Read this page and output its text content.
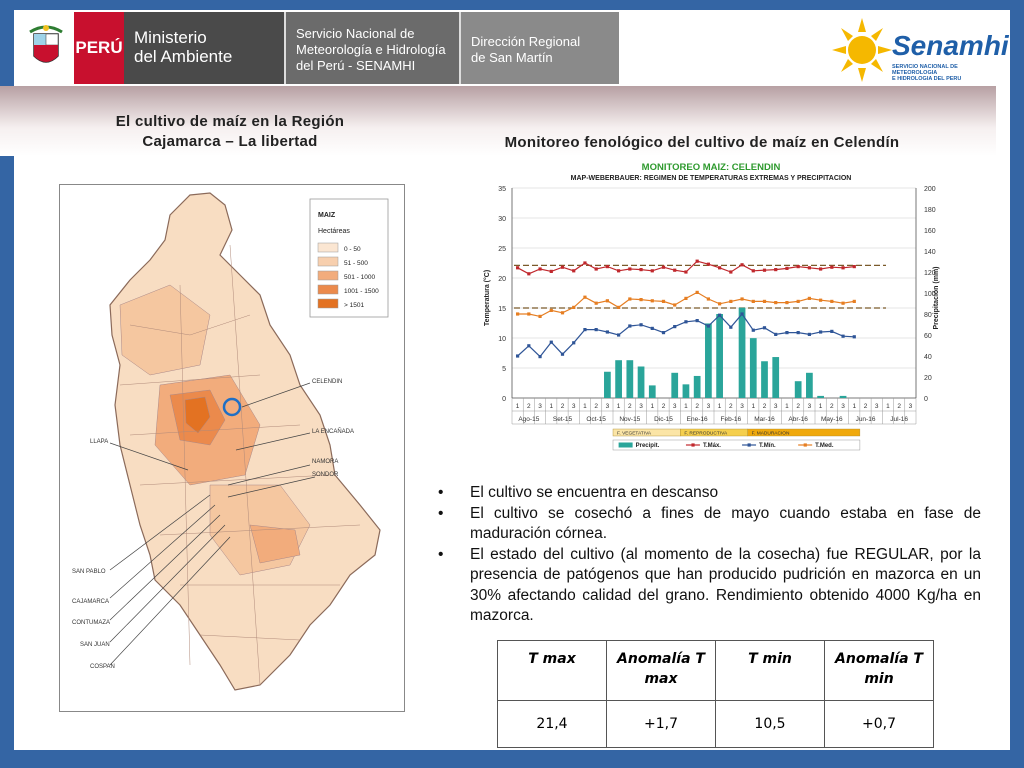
PERÚ
Ministerio
del Ambiente
Servicio Nacional de
Meteorología e Hidrología
del Perú - SENAMHI
Dirección Regional
de San Martín	Senamhi
SERVICIO NACIONAL DE METEOROLOGIA
E HIDROLOGIA DEL PERU
El cultivo de maíz en la Región
Cajamarca – La libertad	Monitoreo fenológico del cultivo de maíz en Celendín
MAIZ
Hectáreas
0 - 50
51 - 500
501 - 1000
1001 - 1500
> 1501
CELENDIN
LA ENCAÑADA
NAMORA
SONDOR
LLAPA
SAN PABLO
CAJAMARCA
CONTUMAZA
SAN JUAN
COSPAN
MONITOREO MAIZ: CELENDIN
MAP-WEBERBAUER: REGIMEN DE TEMPERATURAS EXTREMAS Y PRECIPITACION
Temperatura (°C)	Precipitación (mm)
0
5
10
15
20
25
30
35
0
20
40
60
80
100
120
140
160
180
200
1 2 3 1 2 3 1 2 3 1 2 3 1 2 3 1 2 3 1 2 3 1 2 3 1 2 3 1 2 3 1 2 3 1 2 3
Ago-15 Set-15 Oct-15 Nov-15 Dic-15 Ene-16 Feb-16 Mar-16 Abr-16 May-16 Jun-16 Jul-16
F. VEGETATIVA	F. REPRODUCTIVA	F. MADURACION
Precipit.	T.Máx.	T.Mín.	T.Med.
• El cultivo se encuentra en descanso
• El cultivo se cosechó a fines de mayo cuando estaba en fase de maduración córnea.
• El estado del cultivo (al momento de la cosecha) fue REGULAR, por la presencia de patógenos que han producido pudrición en mazorca en un 30% afectando calidad del grano. Rendimiento obtenido 4000 Kg/ha en mazorca.
T max	Anomalía T max	T min	Anomalía T min
21,4	+1,7	10,5	+0,7
